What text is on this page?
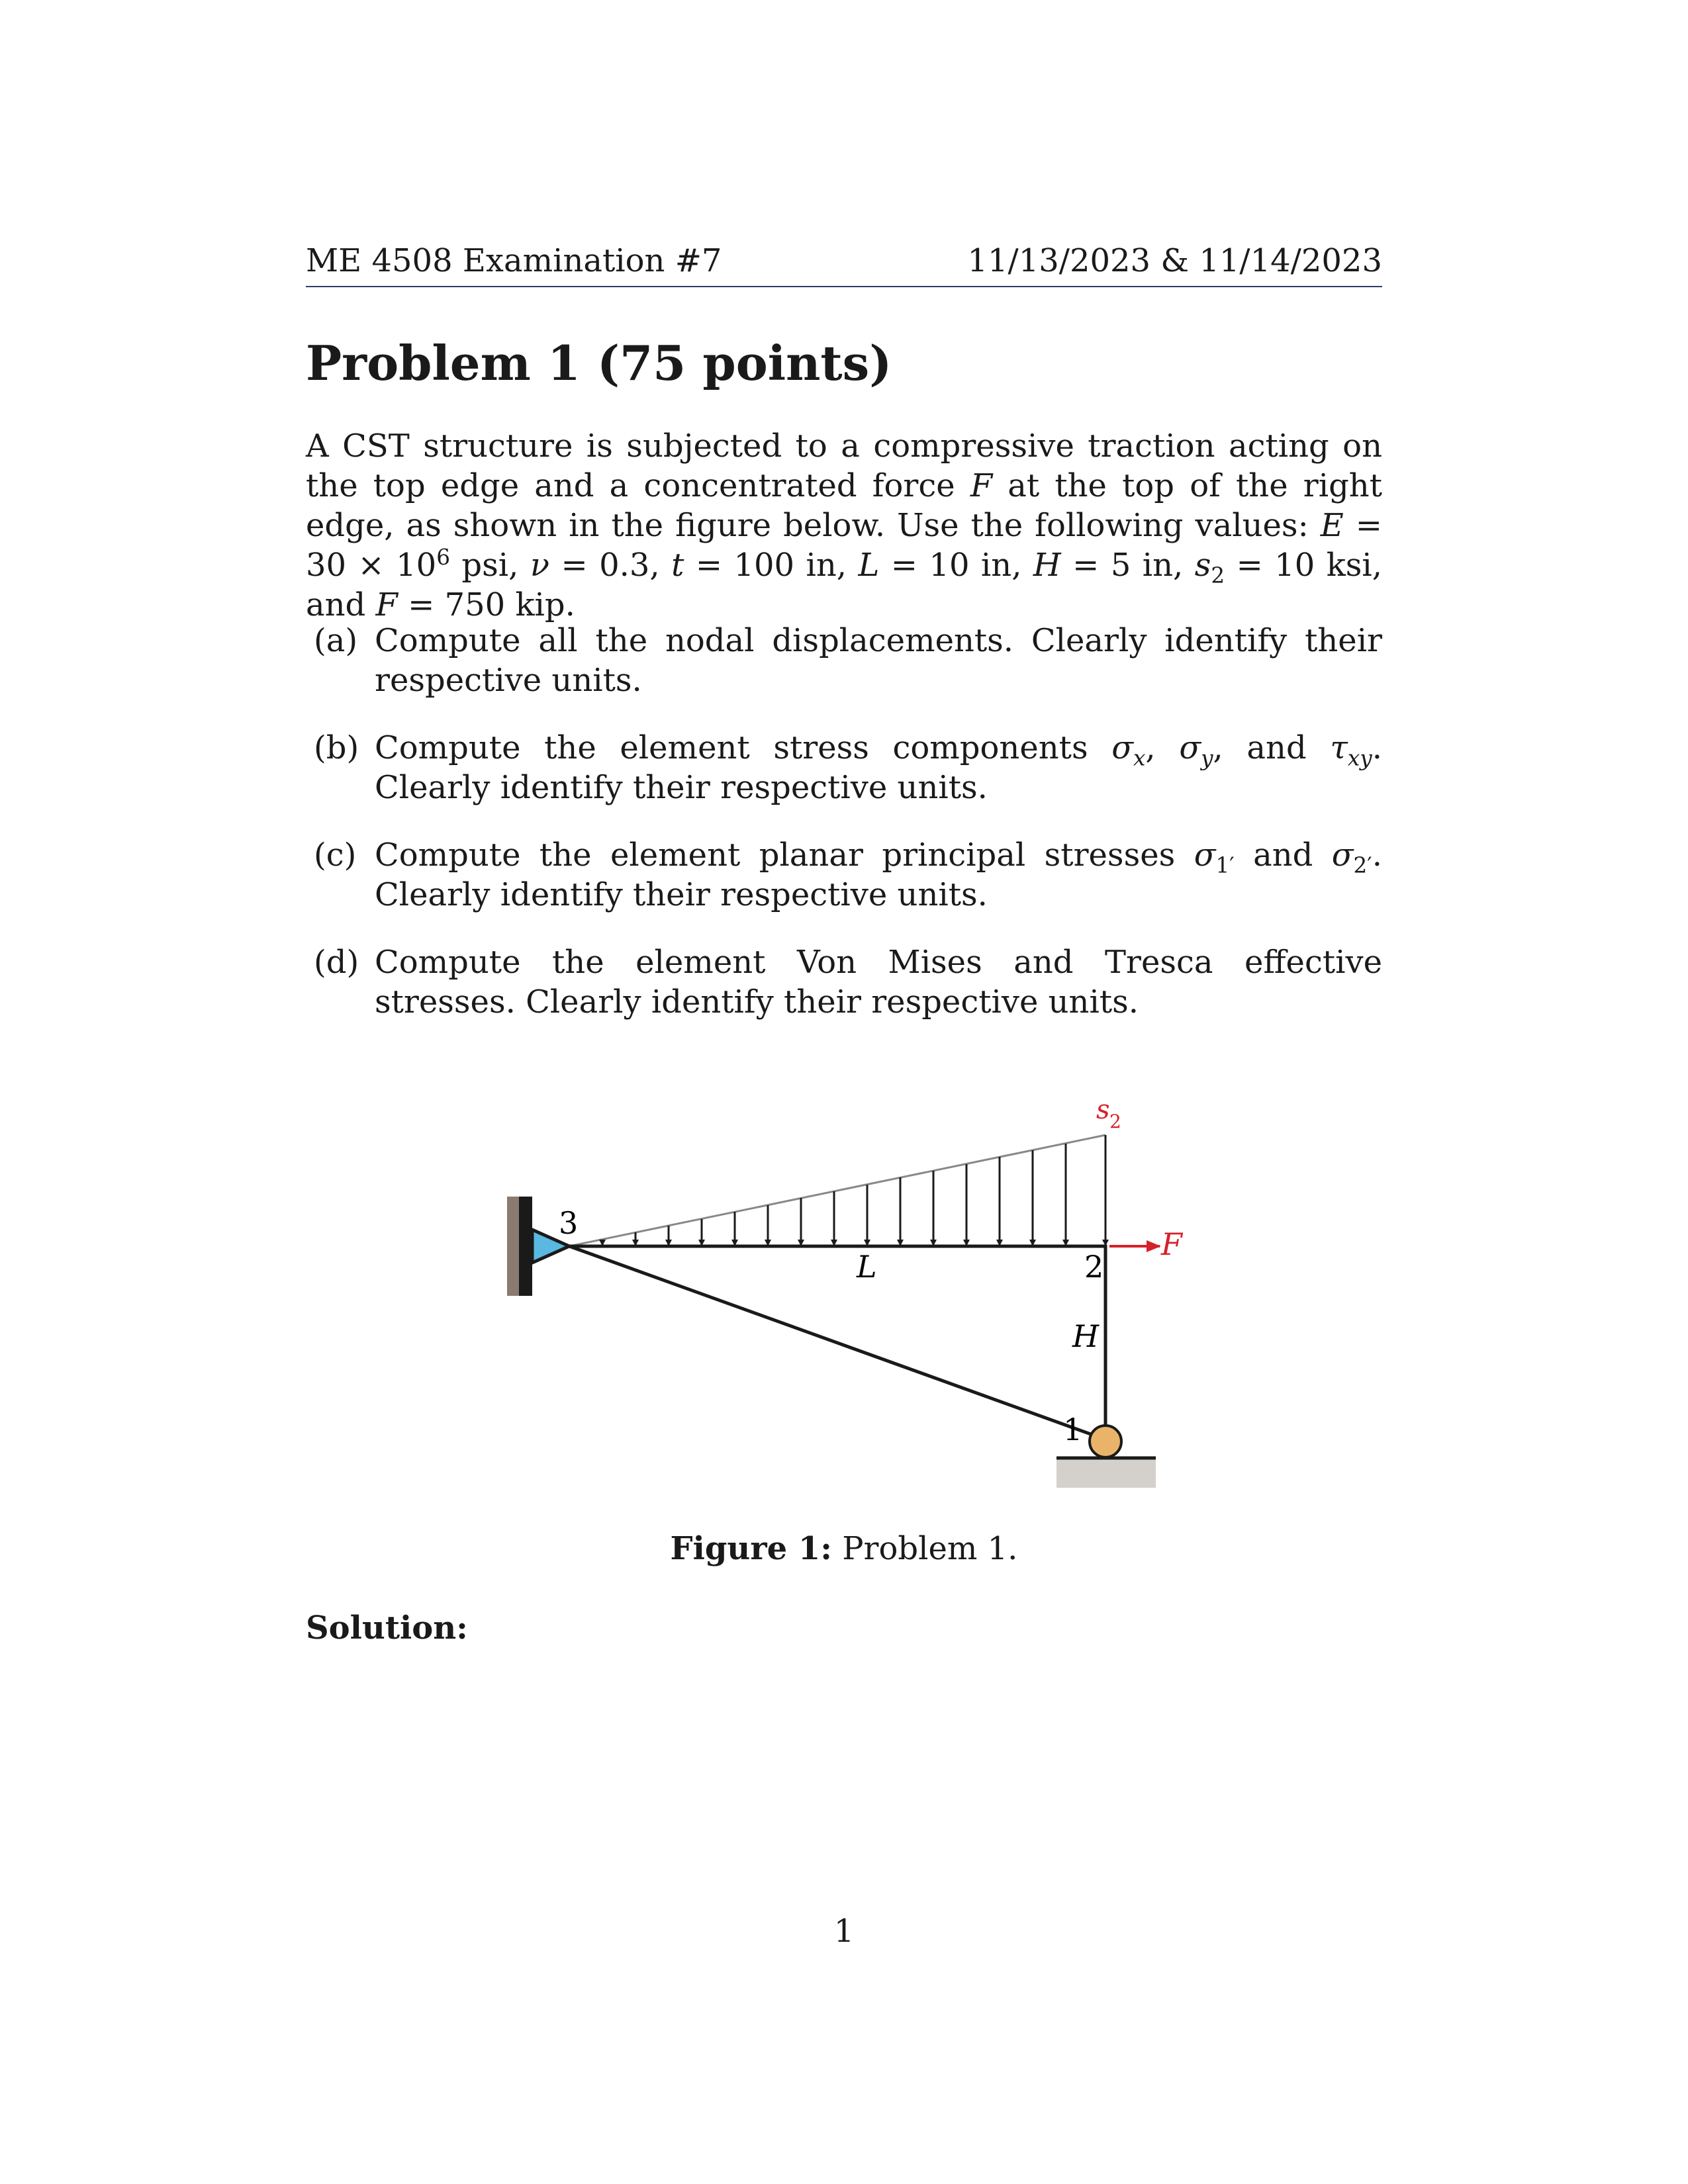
ME 4508 Examination #7	11/13/2023 & 11/14/2023
Problem 1 (75 points)
A CST structure is subjected to a compressive traction acting on the top edge and a concentrated force F at the top of the right edge, as shown in the figure below. Use the following values: $E = 30 \times 10^6$ psi, ν = 0.3, t = 100 in, L = 10 in, H = 5 in, $s_2 = 10$ ksi, and F = 750 kip.
(a) Compute all the nodal displacements. Clearly identify their respective units.
(b) Compute the element stress components $\sigma_x$, $\sigma_y$, and $\tau_{xy}$. Clearly identify their respective units.
(c) Compute the element planar principal stresses $\sigma_{1'}$ and $\sigma_{2'}$. Clearly identify their respective units.
(d) Compute the element Von Mises and Tresca effective stresses. Clearly identify their respective units.
3
2
1
L
H
F
s 2
Figure 1: Problem 1.
Solution:
1
